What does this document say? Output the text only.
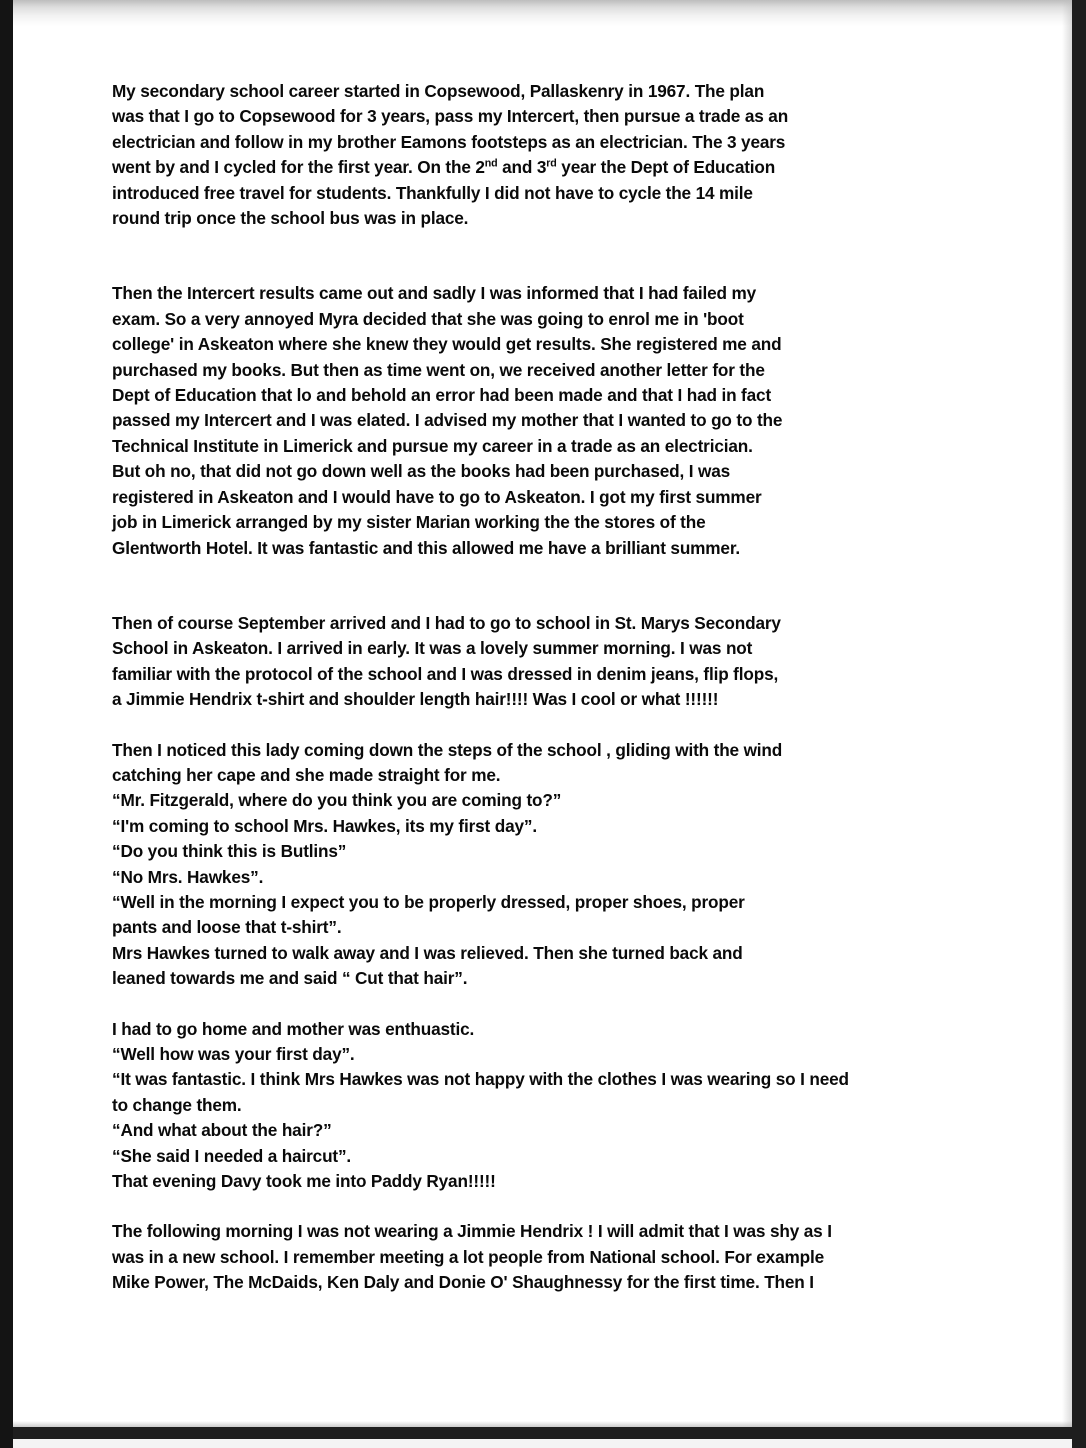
My secondary school career started in Copsewood, Pallaskenry in 1967. The plan
was that I go to Copsewood for 3 years, pass my Intercert, then pursue a trade as an
electrician and follow in my brother Eamons footsteps as an electrician. The 3 years
went by and I cycled for the first year. On the 2nd and 3rd year the Dept of Education
introduced free travel for students. Thankfully I did not have to cycle the 14 mile
round trip once the school bus was in place.
Then the Intercert results came out and sadly I was informed that I had failed my
exam. So a very annoyed Myra decided that she was going to enrol me in 'boot
college' in Askeaton where she knew they would get results. She registered me and
purchased my books. But then as time went on, we received another letter for the
Dept of Education that lo and behold an error had been made and that I had in fact
passed my Intercert and I was elated. I advised my mother that I wanted to go to the
Technical Institute in Limerick and pursue my career in a trade as an electrician.
But oh no, that did not go down well as the books had been purchased, I was
registered in Askeaton and I would have to go to Askeaton. I got my first summer
job in Limerick arranged by my sister Marian working the the stores of the
Glentworth Hotel. It was fantastic and this allowed me have a brilliant summer.
Then of course September arrived and I had to go to school in St. Marys Secondary
School in Askeaton. I arrived in early. It was a lovely summer morning. I was not
familiar with the protocol of the school and I was dressed in denim jeans, flip flops,
a Jimmie Hendrix t-shirt and shoulder length hair!!!! Was I cool or what !!!!!!
Then I noticed this lady coming down the steps of the school , gliding with the wind
catching her cape and she made straight for me.
“Mr. Fitzgerald, where do you think you are coming to?”
“I'm coming to school Mrs. Hawkes, its my first day”.
“Do you think this is Butlins”
“No Mrs. Hawkes”.
“Well in the morning I expect you to be properly dressed, proper shoes, proper
pants and loose that t-shirt”.
Mrs Hawkes turned to walk away and I was relieved. Then she turned back and
leaned towards me and said “ Cut that hair”.
I had to go home and mother was enthuastic.
“Well how was your first day”.
“It was fantastic. I think Mrs Hawkes was not happy with the clothes I was wearing so I need
to change them.
“And what about the hair?”
“She said I needed a haircut”.
That evening Davy took me into Paddy Ryan!!!!!
The following morning I was not wearing a Jimmie Hendrix ! I will admit that I was shy as I
was in a new school. I remember meeting a lot people from National school. For example
Mike Power, The McDaids, Ken Daly and Donie O' Shaughnessy for the first time. Then I
